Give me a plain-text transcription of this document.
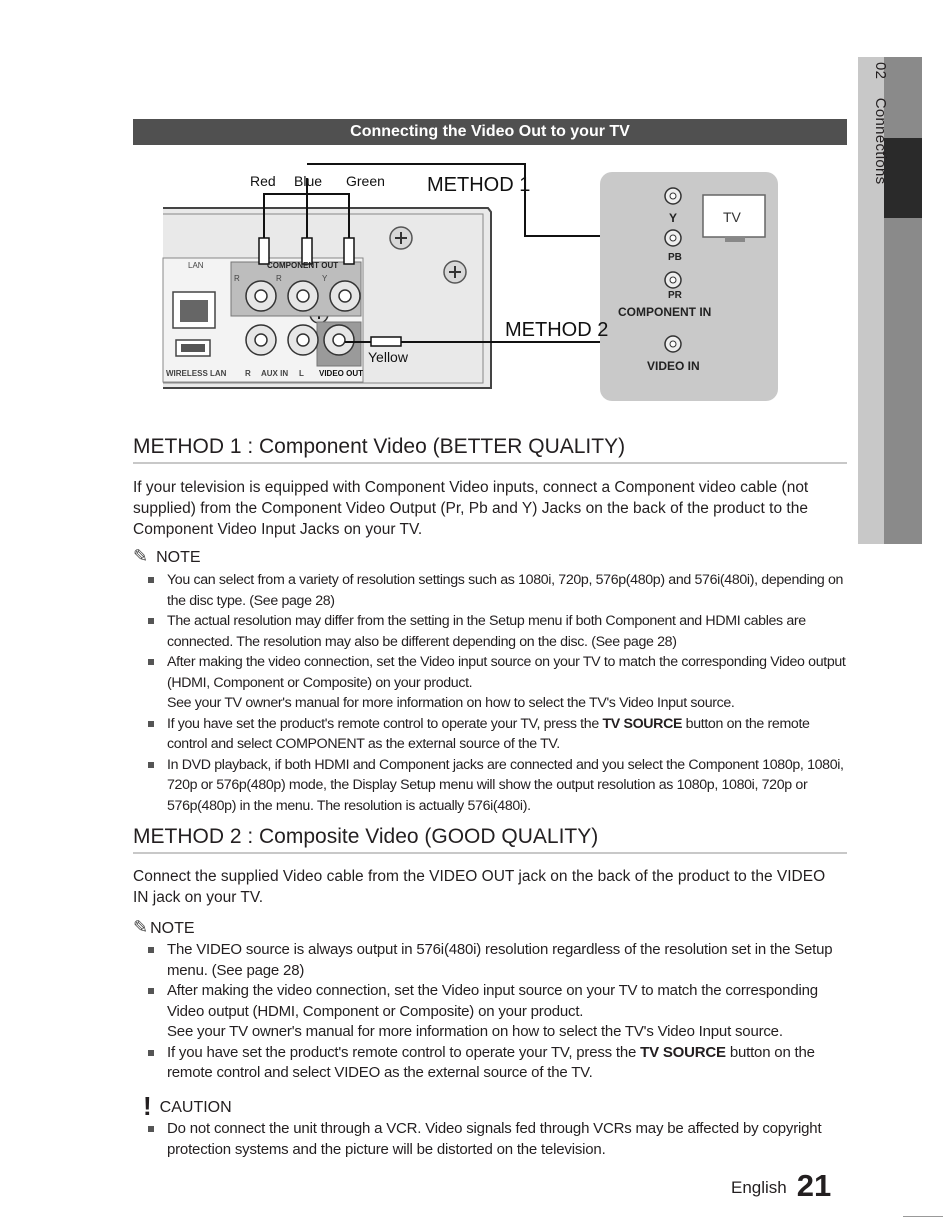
02 Connections
Connecting the Video Out to your TV
Red Blue Green
Yellow
METHOD 1
METHOD 2
LAN	COMPONENT OUT
WIRELESS LAN R AUX IN L VIDEO OUT
R	R	Y
Y
PB
PR
COMPONENT IN
VIDEO IN
TV
METHOD 1 : Component Video (BETTER QUALITY)
If your television is equipped with Component Video inputs, connect a Component video cable (not supplied) from the Component Video Output (Pr, Pb and Y) Jacks on the back of the product to the Component Video Input Jacks on your TV.
✎ NOTE
You can select from a variety of resolution settings such as 1080i, 720p, 576p(480p) and 576i(480i), depending on the disc type. (See page 28)
The actual resolution may differ from the setting in the Setup menu if both Component and HDMI cables are connected. The resolution may also be different depending on the disc. (See page 28)
After making the video connection, set the Video input source on your TV to match the corresponding Video output (HDMI, Component or Composite) on your product.
See your TV owner's manual for more information on how to select the TV's Video Input source.
If you have set the product's remote control to operate your TV, press the TV SOURCE button on the remote control and select COMPONENT as the external source of the TV.
In DVD playback, if both HDMI and Component jacks are connected and you select the Component 1080p, 1080i, 720p or 576p(480p) mode, the Display Setup menu will show the output resolution as 1080p, 1080i, 720p or 576p(480p) in the menu. The resolution is actually 576i(480i).
METHOD 2 : Composite Video (GOOD QUALITY)
Connect the supplied Video cable from the VIDEO OUT jack on the back of the product to the VIDEO IN jack on your TV.
✎ NOTE
The VIDEO source is always output in 576i(480i) resolution regardless of the resolution set in the Setup menu. (See page 28)
After making the video connection, set the Video input source on your TV to match the corresponding Video output (HDMI, Component or Composite) on your product.
See your TV owner's manual for more information on how to select the TV's Video Input source.
If you have set the product's remote control to operate your TV, press the TV SOURCE button on the remote control and select VIDEO as the external source of the TV.
! CAUTION
Do not connect the unit through a VCR. Video signals fed through VCRs may be affected by copyright protection systems and the picture will be distorted on the television.
English 21
